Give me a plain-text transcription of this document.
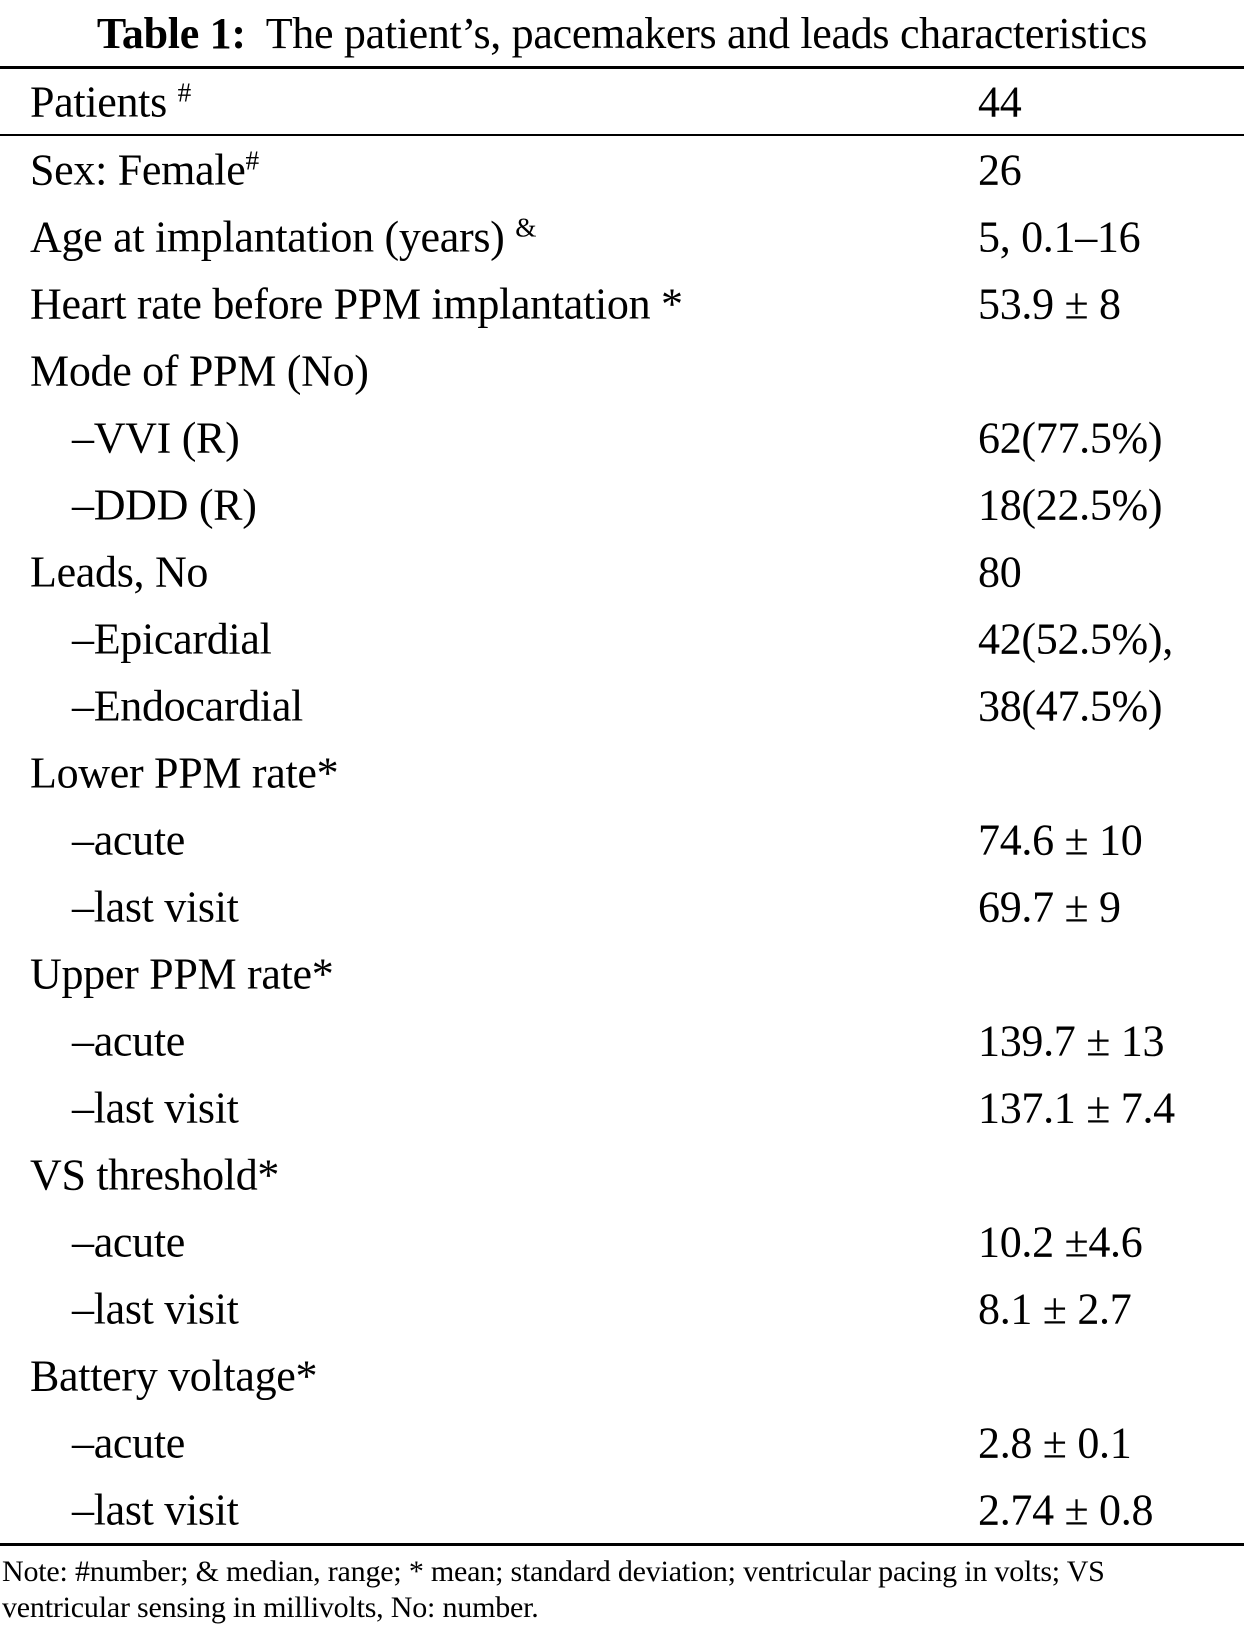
Table 1: The patient’s, pacemakers and leads characteristics
Patients #	44
Sex: Female#	26
Age at implantation (years) &	5, 0.1–16
Heart rate before PPM implantation *	53.9 ± 8
Mode of PPM (No)
–VVI (R)	62(77.5%)
–DDD (R)	18(22.5%)
Leads, No	80
–Epicardial	42(52.5%),
–Endocardial	38(47.5%)
Lower PPM rate*
–acute	74.6 ± 10
–last visit	69.7 ± 9
Upper PPM rate*
–acute	139.7 ± 13
–last visit	137.1 ± 7.4
VS threshold*
–acute	10.2 ±4.6
–last visit	8.1 ± 2.7
Battery voltage*
–acute	2.8 ± 0.1
–last visit	2.74 ± 0.8
Note: #number; & median, range; * mean; standard deviation; ventricular pacing in volts; VS
ventricular sensing in millivolts, No: number.
